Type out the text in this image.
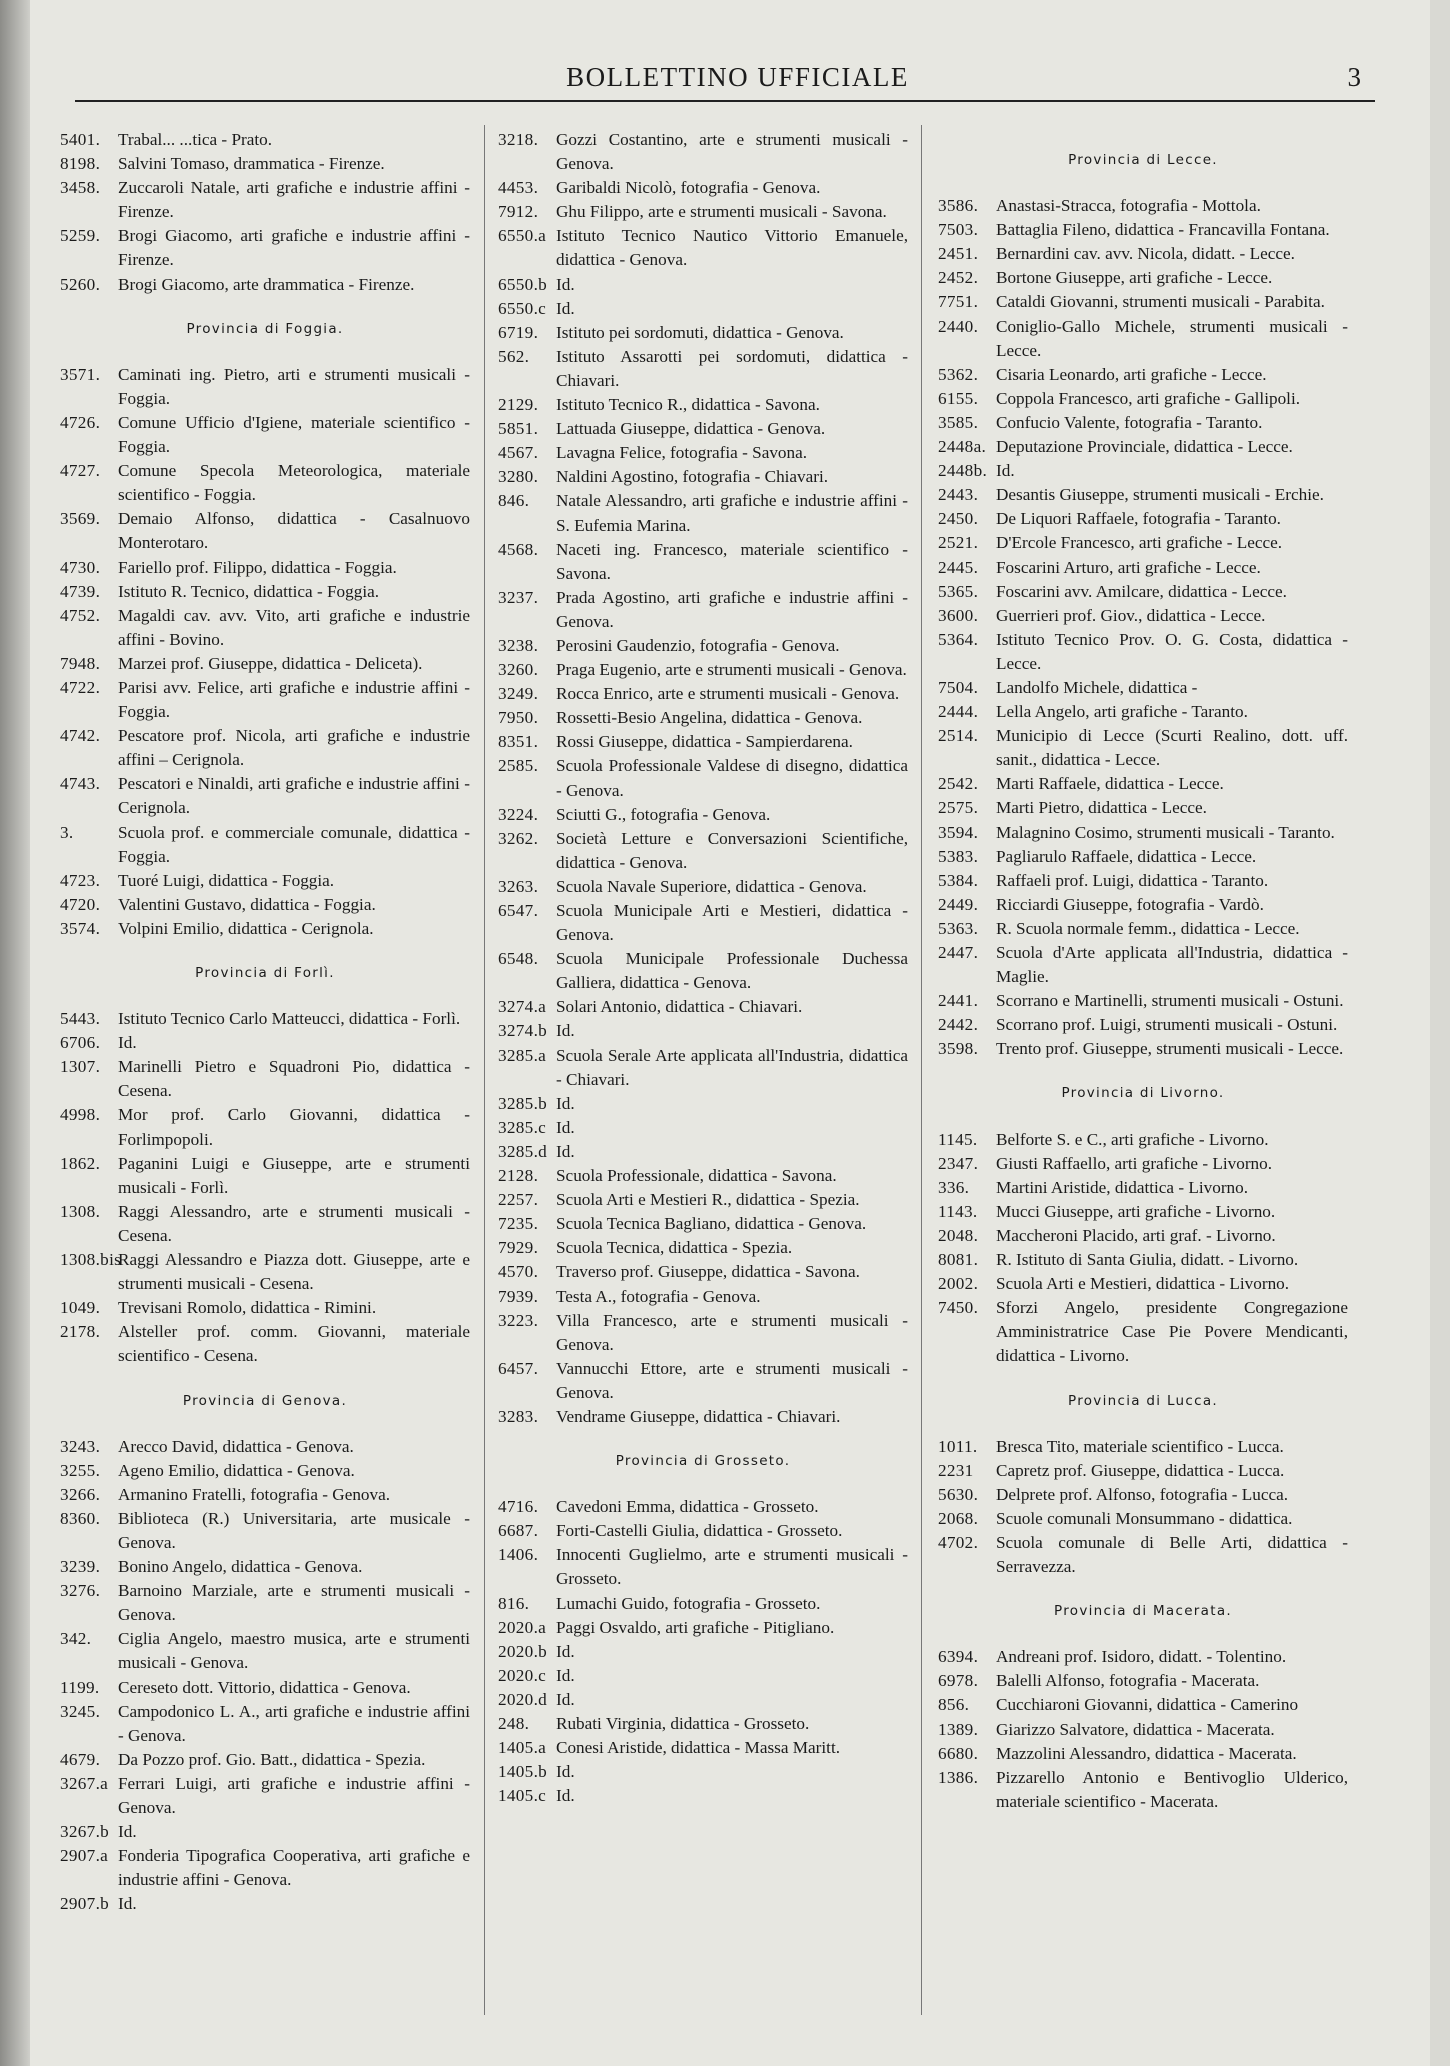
BOLLETTINO UFFICIALE	3
5401. Trabal... ...tica - Prato.
8198. Salvini Tomaso, drammatica - Firenze.
3458. Zuccaroli Natale, arti grafiche e industrie affini - Firenze.
5259. Brogi Giacomo, arti grafiche e industrie affini - Firenze.
5260. Brogi Giacomo, arte drammatica - Firenze.
Provincia di Foggia.
3571. Caminati ing. Pietro, arti e strumenti musicali - Foggia.
4726. Comune Ufficio d'Igiene, materiale scientifico - Foggia.
4727. Comune Specola Meteorologica, materiale scientifico - Foggia.
3569. Demaio Alfonso, didattica - Casalnuovo Monterotaro.
4730. Fariello prof. Filippo, didattica - Foggia.
4739. Istituto R. Tecnico, didattica - Foggia.
4752. Magaldi cav. avv. Vito, arti grafiche e industrie affini - Bovino.
7948. Marzei prof. Giuseppe, didattica - Deliceta).
4722. Parisi avv. Felice, arti grafiche e industrie affini - Foggia.
4742. Pescatore prof. Nicola, arti grafiche e industrie affini – Cerignola.
4743. Pescatori e Ninaldi, arti grafiche e industrie affini - Cerignola.
3.	Scuola prof. e commerciale comunale, didattica - Foggia.
4723. Tuoré Luigi, didattica - Foggia.
4720. Valentini Gustavo, didattica - Foggia.
3574. Volpini Emilio, didattica - Cerignola.
Provincia di Forlì.
5443. Istituto Tecnico Carlo Matteucci, didattica - Forlì.
6706. Id.
1307. Marinelli Pietro e Squadroni Pio, didattica - Cesena.
4998. Mor prof. Carlo Giovanni, didattica - Forlimpopoli.
1862. Paganini Luigi e Giuseppe, arte e strumenti musicali - Forlì.
1308. Raggi Alessandro, arte e strumenti musicali - Cesena.
1308.bisRaggi Alessandro e Piazza dott. Giuseppe, arte e strumenti musicali - Cesena.
1049. Trevisani Romolo, didattica - Rimini.
2178. Alsteller prof. comm. Giovanni, materiale scientifico - Cesena.
Provincia di Genova.
3243. Arecco David, didattica - Genova.
3255. Ageno Emilio, didattica - Genova.
3266. Armanino Fratelli, fotografia - Genova.
8360. Biblioteca (R.) Universitaria, arte musicale - Genova.
3239. Bonino Angelo, didattica - Genova.
3276. Barnoino Marziale, arte e strumenti musicali - Genova.
342. Ciglia Angelo, maestro musica, arte e strumenti musicali - Genova.
1199. Cereseto dott. Vittorio, didattica - Genova.
3245. Campodonico L. A., arti grafiche e industrie affini - Genova.
4679. Da Pozzo prof. Gio. Batt., didattica - Spezia.
3267.a Ferrari Luigi, arti grafiche e industrie affini - Genova.
3267.b Id.
2907.a Fonderia Tipografica Cooperativa, arti grafiche e industrie affini - Genova.
2907.b Id.
3218. Gozzi Costantino, arte e strumenti musicali - Genova.
4453. Garibaldi Nicolò, fotografia - Genova.
7912. Ghu Filippo, arte e strumenti musicali - Savona.
6550.a Istituto Tecnico Nautico Vittorio Emanuele, didattica - Genova.
6550.b Id.
6550.c Id.
6719. Istituto pei sordomuti, didattica - Genova.
562. Istituto Assarotti pei sordomuti, didattica - Chiavari.
2129. Istituto Tecnico R., didattica - Savona.
5851. Lattuada Giuseppe, didattica - Genova.
4567. Lavagna Felice, fotografia - Savona.
3280. Naldini Agostino, fotografia - Chiavari.
846. Natale Alessandro, arti grafiche e industrie affini - S. Eufemia Marina.
4568. Naceti ing. Francesco, materiale scientifico - Savona.
3237. Prada Agostino, arti grafiche e industrie affini - Genova.
3238. Perosini Gaudenzio, fotografia - Genova.
3260. Praga Eugenio, arte e strumenti musicali - Genova.
3249. Rocca Enrico, arte e strumenti musicali - Genova.
7950. Rossetti-Besio Angelina, didattica - Genova.
8351. Rossi Giuseppe, didattica - Sampierdarena.
2585. Scuola Professionale Valdese di disegno, didattica - Genova.
3224. Sciutti G., fotografia - Genova.
3262. Società Letture e Conversazioni Scientifiche, didattica - Genova.
3263. Scuola Navale Superiore, didattica - Genova.
6547. Scuola Municipale Arti e Mestieri, didattica - Genova.
6548. Scuola Municipale Professionale Duchessa Galliera, didattica - Genova.
3274.a Solari Antonio, didattica - Chiavari.
3274.b Id.
3285.a Scuola Serale Arte applicata all'Industria, didattica - Chiavari.
3285.b Id.
3285.c Id.
3285.d Id.
2128. Scuola Professionale, didattica - Savona.
2257. Scuola Arti e Mestieri R., didattica - Spezia.
7235. Scuola Tecnica Bagliano, didattica - Genova.
7929. Scuola Tecnica, didattica - Spezia.
4570. Traverso prof. Giuseppe, didattica - Savona.
7939. Testa A., fotografia - Genova.
3223. Villa Francesco, arte e strumenti musicali - Genova.
6457. Vannucchi Ettore, arte e strumenti musicali - Genova.
3283. Vendrame Giuseppe, didattica - Chiavari.
Provincia di Grosseto.
4716. Cavedoni Emma, didattica - Grosseto.
6687. Forti-Castelli Giulia, didattica - Grosseto.
1406. Innocenti Guglielmo, arte e strumenti musicali - Grosseto.
816. Lumachi Guido, fotografia - Grosseto.
2020.a Paggi Osvaldo, arti grafiche - Pitigliano.
2020.b Id.
2020.c Id.
2020.d Id.
248. Rubati Virginia, didattica - Grosseto.
1405.a Conesi Aristide, didattica - Massa Maritt.
1405.b Id.
1405.c Id.
Provincia di Lecce.
3586. Anastasi-Stracca, fotografia - Mottola.
7503. Battaglia Fileno, didattica - Francavilla Fontana.
2451. Bernardini cav. avv. Nicola, didatt. - Lecce.
2452. Bortone Giuseppe, arti grafiche - Lecce.
7751. Cataldi Giovanni, strumenti musicali - Parabita.
2440. Coniglio-Gallo Michele, strumenti musicali - Lecce.
5362. Cisaria Leonardo, arti grafiche - Lecce.
6155. Coppola Francesco, arti grafiche - Gallipoli.
3585. Confucio Valente, fotografia - Taranto.
2448a. Deputazione Provinciale, didattica - Lecce.
2448b. Id.
2443. Desantis Giuseppe, strumenti musicali - Erchie.
2450. De Liquori Raffaele, fotografia - Taranto.
2521. D'Ercole Francesco, arti grafiche - Lecce.
2445. Foscarini Arturo, arti grafiche - Lecce.
5365. Foscarini avv. Amilcare, didattica - Lecce.
3600. Guerrieri prof. Giov., didattica - Lecce.
5364. Istituto Tecnico Prov. O. G. Costa, didattica - Lecce.
7504. Landolfo Michele, didattica -
2444. Lella Angelo, arti grafiche - Taranto.
2514. Municipio di Lecce (Scurti Realino, dott. uff. sanit., didattica - Lecce.
2542. Marti Raffaele, didattica - Lecce.
2575. Marti Pietro, didattica - Lecce.
3594. Malagnino Cosimo, strumenti musicali - Taranto.
5383. Pagliarulo Raffaele, didattica - Lecce.
5384. Raffaeli prof. Luigi, didattica - Taranto.
2449. Ricciardi Giuseppe, fotografia - Vardò.
5363. R. Scuola normale femm., didattica - Lecce.
2447. Scuola d'Arte applicata all'Industria, didattica - Maglie.
2441. Scorrano e Martinelli, strumenti musicali - Ostuni.
2442. Scorrano prof. Luigi, strumenti musicali - Ostuni.
3598. Trento prof. Giuseppe, strumenti musicali - Lecce.
Provincia di Livorno.
1145. Belforte S. e C., arti grafiche - Livorno.
2347. Giusti Raffaello, arti grafiche - Livorno.
336. Martini Aristide, didattica - Livorno.
1143. Mucci Giuseppe, arti grafiche - Livorno.
2048. Maccheroni Placido, arti graf. - Livorno.
8081. R. Istituto di Santa Giulia, didatt. - Livorno.
2002. Scuola Arti e Mestieri, didattica - Livorno.
7450. Sforzi Angelo, presidente Congregazione Amministratrice Case Pie Povere Mendicanti, didattica - Livorno.
Provincia di Lucca.
1011. Bresca Tito, materiale scientifico - Lucca.
2231 Capretz prof. Giuseppe, didattica - Lucca.
5630. Delprete prof. Alfonso, fotografia - Lucca.
2068. Scuole comunali Monsummano - didattica.
4702. Scuola comunale di Belle Arti, didattica - Serravezza.
Provincia di Macerata.
6394. Andreani prof. Isidoro, didatt. - Tolentino.
6978. Balelli Alfonso, fotografia - Macerata.
856. Cucchiaroni Giovanni, didattica - Camerino
1389. Giarizzo Salvatore, didattica - Macerata.
6680. Mazzolini Alessandro, didattica - Macerata.
1386. Pizzarello Antonio e Bentivoglio Ulderico, materiale scientifico - Macerata.
